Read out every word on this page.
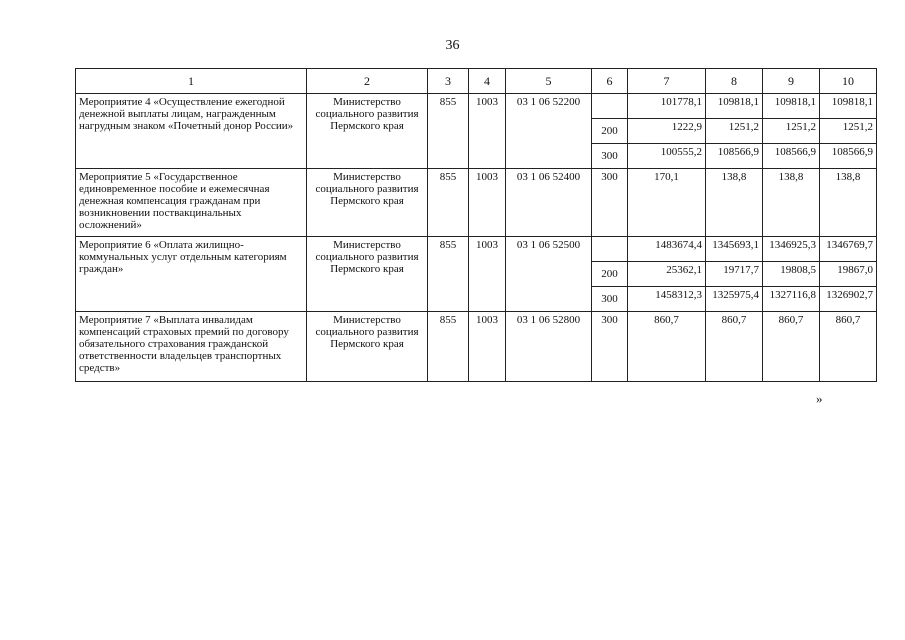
36
1	2	3	4	5	6	7	8	9	10
Мероприятие 4 «Осуществление ежегодной денежной выплаты лицам, награжденным нагрудным знаком «Почетный донор России»	Министерство социального развития Пермского края	855	1003	03 1 06 52200		101778,1	109818,1	109818,1	109818,1
					200	1222,9	1251,2	1251,2	1251,2
					300	100555,2	108566,9	108566,9	108566,9
Мероприятие 5 «Государственное единовременное пособие и ежемесячная денежная компенсация гражданам при возникновении поствакцинальных осложнений»	Министерство социального развития Пермского края	855	1003	03 1 06 52400	300	170,1	138,8	138,8	138,8
Мероприятие 6 «Оплата жилищно-коммунальных услуг отдельным категориям граждан»	Министерство социального развития Пермского края	855	1003	03 1 06 52500		1483674,4	1345693,1	1346925,3	1346769,7
					200	25362,1	19717,7	19808,5	19867,0
					300	1458312,3	1325975,4	1327116,8	1326902,7
Мероприятие 7 «Выплата инвалидам компенсаций страховых премий по договору обязательного страхования гражданской ответственности владельцев транспортных средств»	Министерство социального развития Пермского края	855	1003	03 1 06 52800	300	860,7	860,7	860,7	860,7
»
